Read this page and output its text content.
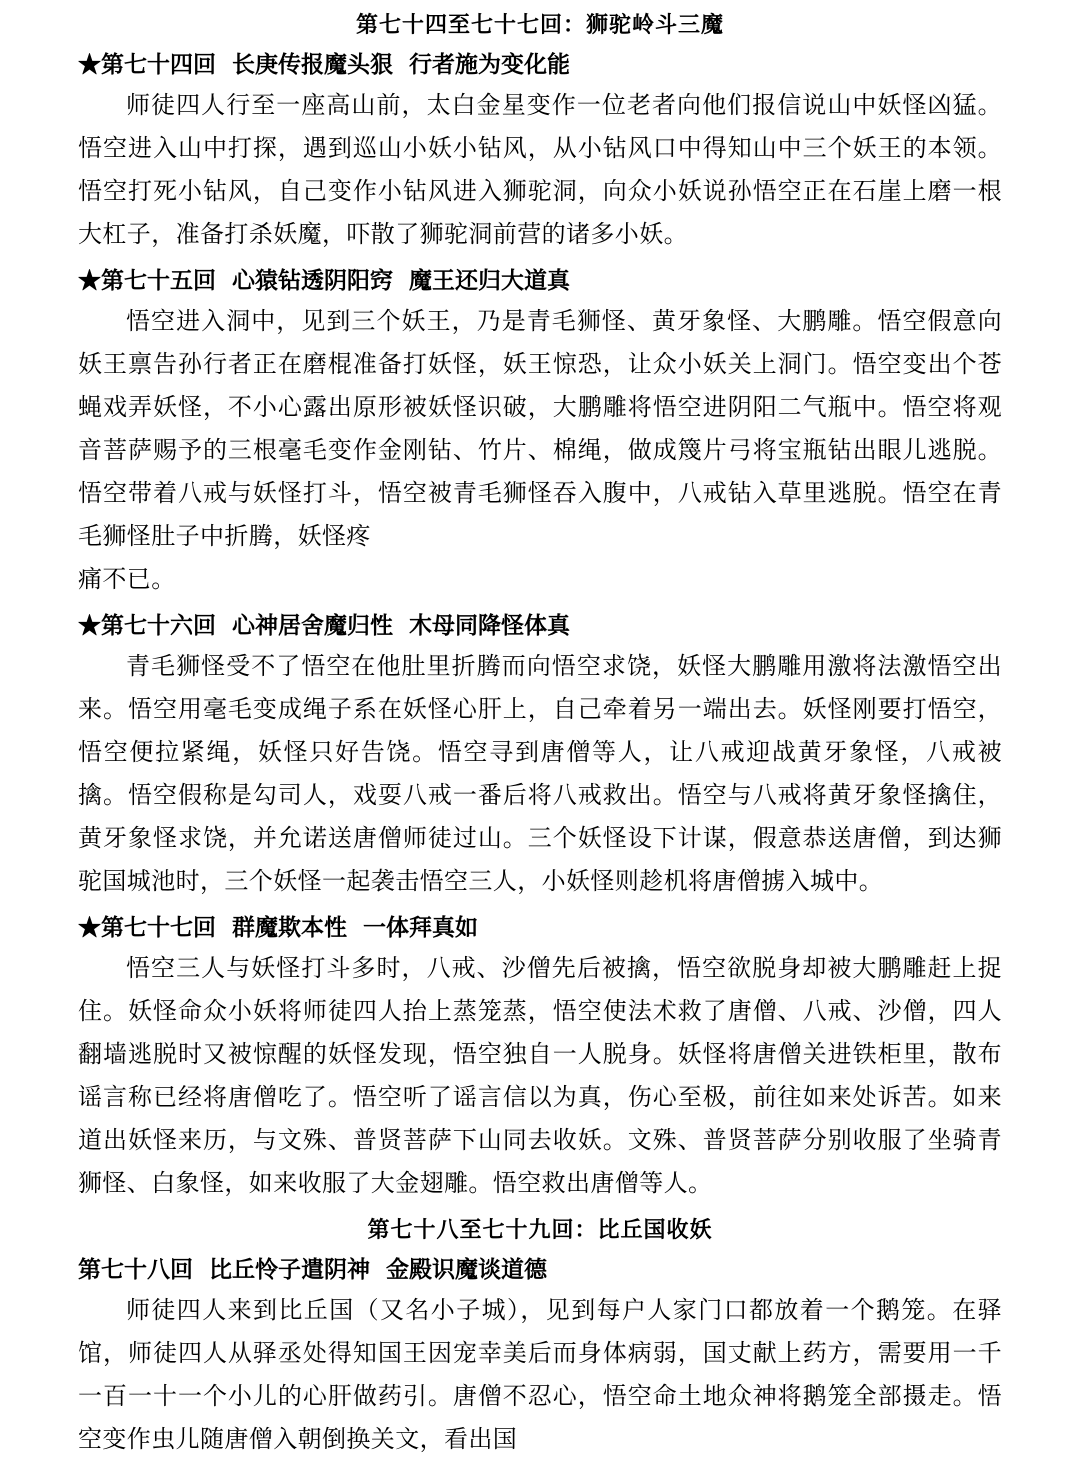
第七十四至七十七回：狮驼岭斗三魔
★第七十四回  长庚传报魔头狠  行者施为变化能

师徒四人行至一座高山前，太白金星变作一位老者向他们报信说山中妖怪凶猛。悟空进入山中打探，遇到巡山小妖小钻风，从小钻风口中得知山中三个妖王的本领。悟空打死小钻风，自己变作小钻风进入狮驼洞，向众小妖说孙悟空正在石崖上磨一根大杠子，准备打杀妖魔，吓散了狮驼洞前营的诸多小妖。

★第七十五回  心猿钻透阴阳窍  魔王还归大道真

悟空进入洞中，见到三个妖王，乃是青毛狮怪、黄牙象怪、大鹏雕。悟空假意向妖王禀告孙行者正在磨棍准备打妖怪，妖王惊恐，让众小妖关上洞门。悟空变出个苍蝇戏弄妖怪，不小心露出原形被妖怪识破，大鹏雕将悟空进阴阳二气瓶中。悟空将观音菩萨赐予的三根毫毛变作金刚钻、竹片、棉绳，做成篾片弓将宝瓶钻出眼儿逃脱。悟空带着八戒与妖怪打斗，悟空被青毛狮怪吞入腹中，八戒钻入草里逃脱。悟空在青毛狮怪肚子中折腾，妖怪疼
痛不已。

★第七十六回  心神居舍魔归性  木母同降怪体真

青毛狮怪受不了悟空在他肚里折腾而向悟空求饶，妖怪大鹏雕用激将法激悟空出来。悟空用毫毛变成绳子系在妖怪心肝上，自己牵着另一端出去。妖怪刚要打悟空，悟空便拉紧绳，妖怪只好告饶。悟空寻到唐僧等人，让八戒迎战黄牙象怪，八戒被擒。悟空假称是勾司人，戏耍八戒一番后将八戒救出。悟空与八戒将黄牙象怪擒住，黄牙象怪求饶，并允诺送唐僧师徒过山。三个妖怪设下计谋，假意恭送唐僧，到达狮驼国城池时，三个妖怪一起袭击悟空三人，小妖怪则趁机将唐僧掳入城中。

★第七十七回  群魔欺本性  一体拜真如

悟空三人与妖怪打斗多时，八戒、沙僧先后被擒，悟空欲脱身却被大鹏雕赶上捉住。妖怪命众小妖将师徒四人抬上蒸笼蒸，悟空使法术救了唐僧、八戒、沙僧，四人翻墙逃脱时又被惊醒的妖怪发现，悟空独自一人脱身。妖怪将唐僧关进铁柜里，散布谣言称已经将唐僧吃了。悟空听了谣言信以为真，伤心至极，前往如来处诉苦。如来道出妖怪来历，与文殊、普贤菩萨下山同去收妖。文殊、普贤菩萨分别收服了坐骑青狮怪、白象怪，如来收服了大金翅雕。悟空救出唐僧等人。

第七十八至七十九回：比丘国收妖
第七十八回  比丘怜子遣阴神  金殿识魔谈道德

师徒四人来到比丘国（又名小子城），见到每户人家门口都放着一个鹅笼。在驿馆，师徒四人从驿丞处得知国王因宠幸美后而身体病弱，国丈献上药方，需要用一千一百一十一个小儿的心肝做药引。唐僧不忍心，悟空命土地众神将鹅笼全部摄走。悟空变作虫儿随唐僧入朝倒换关文，看出国
